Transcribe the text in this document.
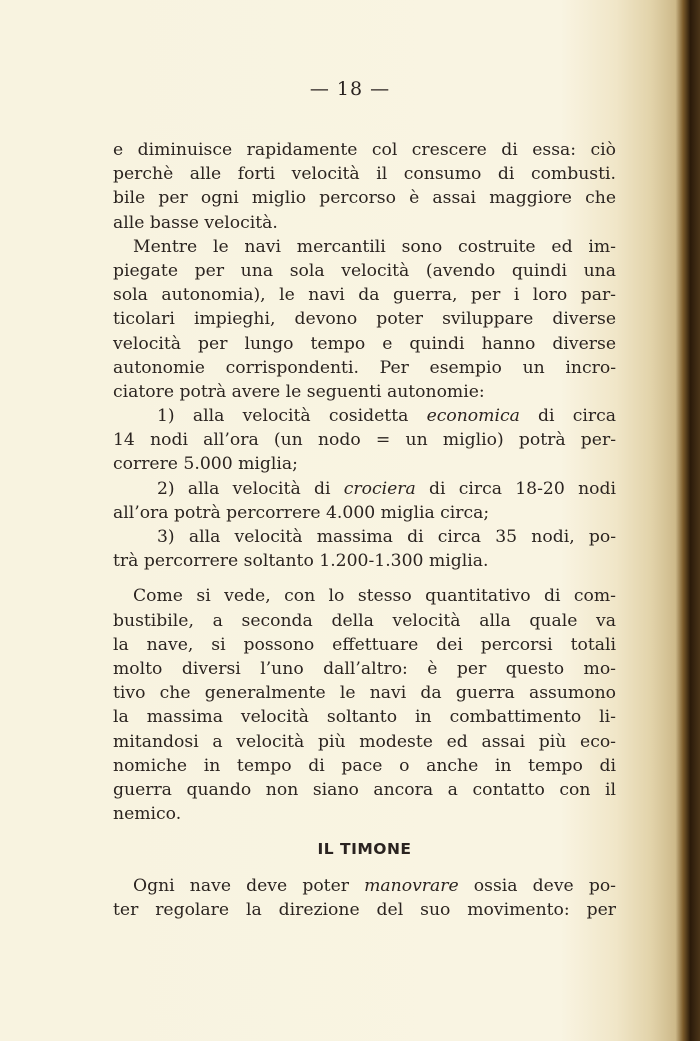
— 18 —
e diminuisce rapidamente col crescere di essa: ciò
perchè alle forti velocità il consumo di combusti.
bile per ogni miglio percorso è assai maggiore che
alle basse velocità.
Mentre le navi mercantili sono costruite ed im-
piegate per una sola velocità (avendo quindi una
sola autonomia), le navi da guerra, per i loro par-
ticolari impieghi, devono poter sviluppare diverse
velocità per lungo tempo e quindi hanno diverse
autonomie corrispondenti. Per esempio un incro-
ciatore potrà avere le seguenti autonomie:
1) alla velocità cosidetta economica di circa
14 nodi all’ora (un nodo = un miglio) potrà per-
correre 5.000 miglia;
2) alla velocità di crociera di circa 18-20 nodi
all’ora potrà percorrere 4.000 miglia circa;
3) alla velocità massima di circa 35 nodi, po-
trà percorrere soltanto 1.200-1.300 miglia.
Come si vede, con lo stesso quantitativo di com-
bustibile, a seconda della velocità alla quale va
la nave, si possono effettuare dei percorsi totali
molto diversi l’uno dall’altro: è per questo mo-
tivo che generalmente le navi da guerra assumono
la massima velocità soltanto in combattimento li-
mitandosi a velocità più modeste ed assai più eco-
nomiche in tempo di pace o anche in tempo di
guerra quando non siano ancora a contatto con il
nemico.
IL TIMONE
Ogni nave deve poter manovrare ossia deve po-
ter regolare la direzione del suo movimento: per
